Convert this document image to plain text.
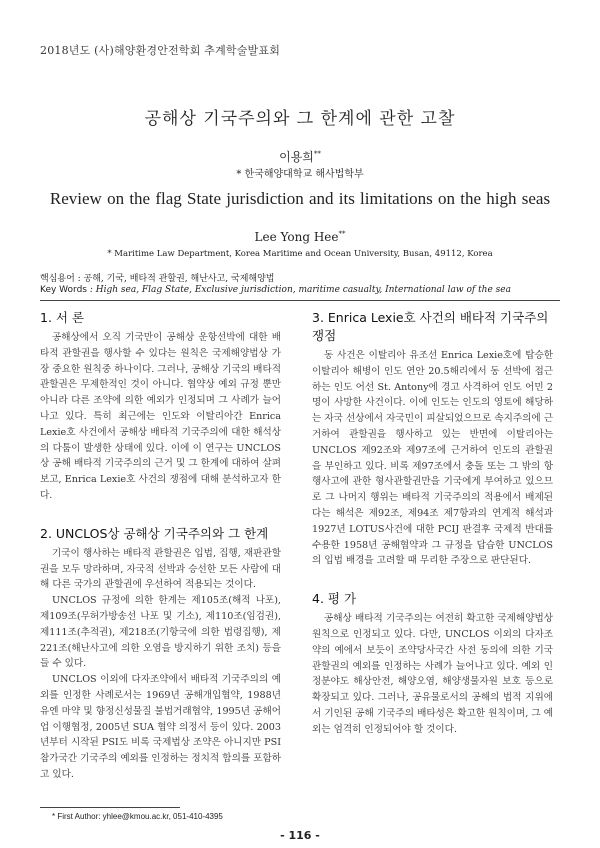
2018년도 (사)해양환경안전학회 추계학술발표회
공해상 기국주의와 그 한계에 관한 고찰
이용희**
* 한국해양대학교 해사법학부
Review on the flag State jurisdiction and its limitations on the high seas
Lee Yong Hee**
* Maritime Law Department, Korea Maritime and Ocean University, Busan, 49112, Korea
핵심용어 : 공해, 기국, 배타적 관할권, 해난사고, 국제해양법
Key Words : High sea, Flag State, Exclusive jurisdiction, maritime casualty, International law of the sea
1. 서 론

공해상에서 오직 기국만이 공해상 운항선박에 대한 배타적 관할권을 행사할 수 있다는 원칙은 국제해양법상 가장 중요한 원칙중 하나이다. 그러나, 공해상 기국의 배타적 관할권은 무제한적인 것이 아니다. 협약상 예외 규정 뿐만 아니라 다른 조약에 의한 예외가 인정되며 그 사례가 늘어나고 있다. 특히 최근에는 인도와 이탈리아간 Enrica Lexie호 사건에서 공해상 배타적 기국주의에 대한 해석상의 다툼이 발생한 상태에 있다. 이에 이 연구는 UNCLOS상 공해 배타적 기국주의의 근거 및 그 한계에 대하여 살펴보고, Enrica Lexie호 사건의 쟁점에 대해 분석하고자 한다.

2. UNCLOS상 공해상 기국주의와 그 한계

기국이 행사하는 배타적 관할권은 입법, 집행, 재판관할권을 모두 망라하며, 자국적 선박과 승선한 모든 사람에 대해 다른 국가의 관할권에 우선하여 적용되는 것이다.

UNCLOS 규정에 의한 한계는 제105조(해적 나포), 제109조(무허가방송선 나포 및 기소), 제110조(임검권), 제111조(추적권), 제218조(기항국에 의한 법령집행), 제221조(해난사고에 의한 오염을 방지하기 위한 조치) 등을 들 수 있다.

UNCLOS 이외에 다자조약에서 배타적 기국주의의 예외를 인정한 사례로서는 1969년 공해개입협약, 1988년 유엔 마약 및 향정신성물질 불법거래협약, 1995년 공해어업 이행협정, 2005년 SUA 협약 의정서 등이 있다. 2003년부터 시작된 PSI도 비록 국제법상 조약은 아니지만 PSI 참가국간 기국주의 예외를 인정하는 정치적 합의를 포함하고 있다.

3. Enrica Lexie호 사건의 배타적 기국주의 쟁점

동 사건은 이탈리아 유조선 Enrica Lexie호에 탑승한 이탈리아 해병이 인도 연안 20.5해리에서 동 선박에 접근하는 인도 어선 St. Antony에 경고 사격하여 인도 어민 2명이 사망한 사건이다. 이에 인도는 인도의 영토에 해당하는 자국 선상에서 자국민이 피살되었으므로 속지주의에 근거하여 관할권을 행사하고 있는 반면에 이탈리아는 UNCLOS 제92조와 제97조에 근거하여 인도의 관할권을 부인하고 있다. 비록 제97조에서 충돌 또는 그 밖의 항행사고에 관한 형사관할권만을 기국에게 부여하고 있으므로 그 나머지 행위는 배타적 기국주의의 적용에서 배제된다는 해석은 제92조, 제94조 제7항과의 연계적 해석과 1927년 LOTUS사건에 대한 PCIJ 판결후 국제적 반대를 수용한 1958년 공해협약과 그 규정을 답습한 UNCLOS의 입법 배경을 고려할 때 무리한 주장으로 판단된다.

4. 평 가

공해상 배타적 기국주의는 여전히 확고한 국제해양법상 원칙으로 인정되고 있다. 다만, UNCLOS 이외의 다자조약의 예에서 보듯이 조약당사국간 사전 동의에 의한 기국 관할권의 예외를 인정하는 사례가 늘어나고 있다. 예외 인정분야도 해상안전, 해양오염, 해양생물자원 보호 등으로 확장되고 있다. 그러나, 공유물로서의 공해의 법적 지위에서 기인된 공해 기국주의 배타성은 확고한 원칙이며, 그 예외는 엄격히 인정되어야 할 것이다.

* First Author: yhlee@kmou.ac.kr, 051-410-4395
- 116 -
